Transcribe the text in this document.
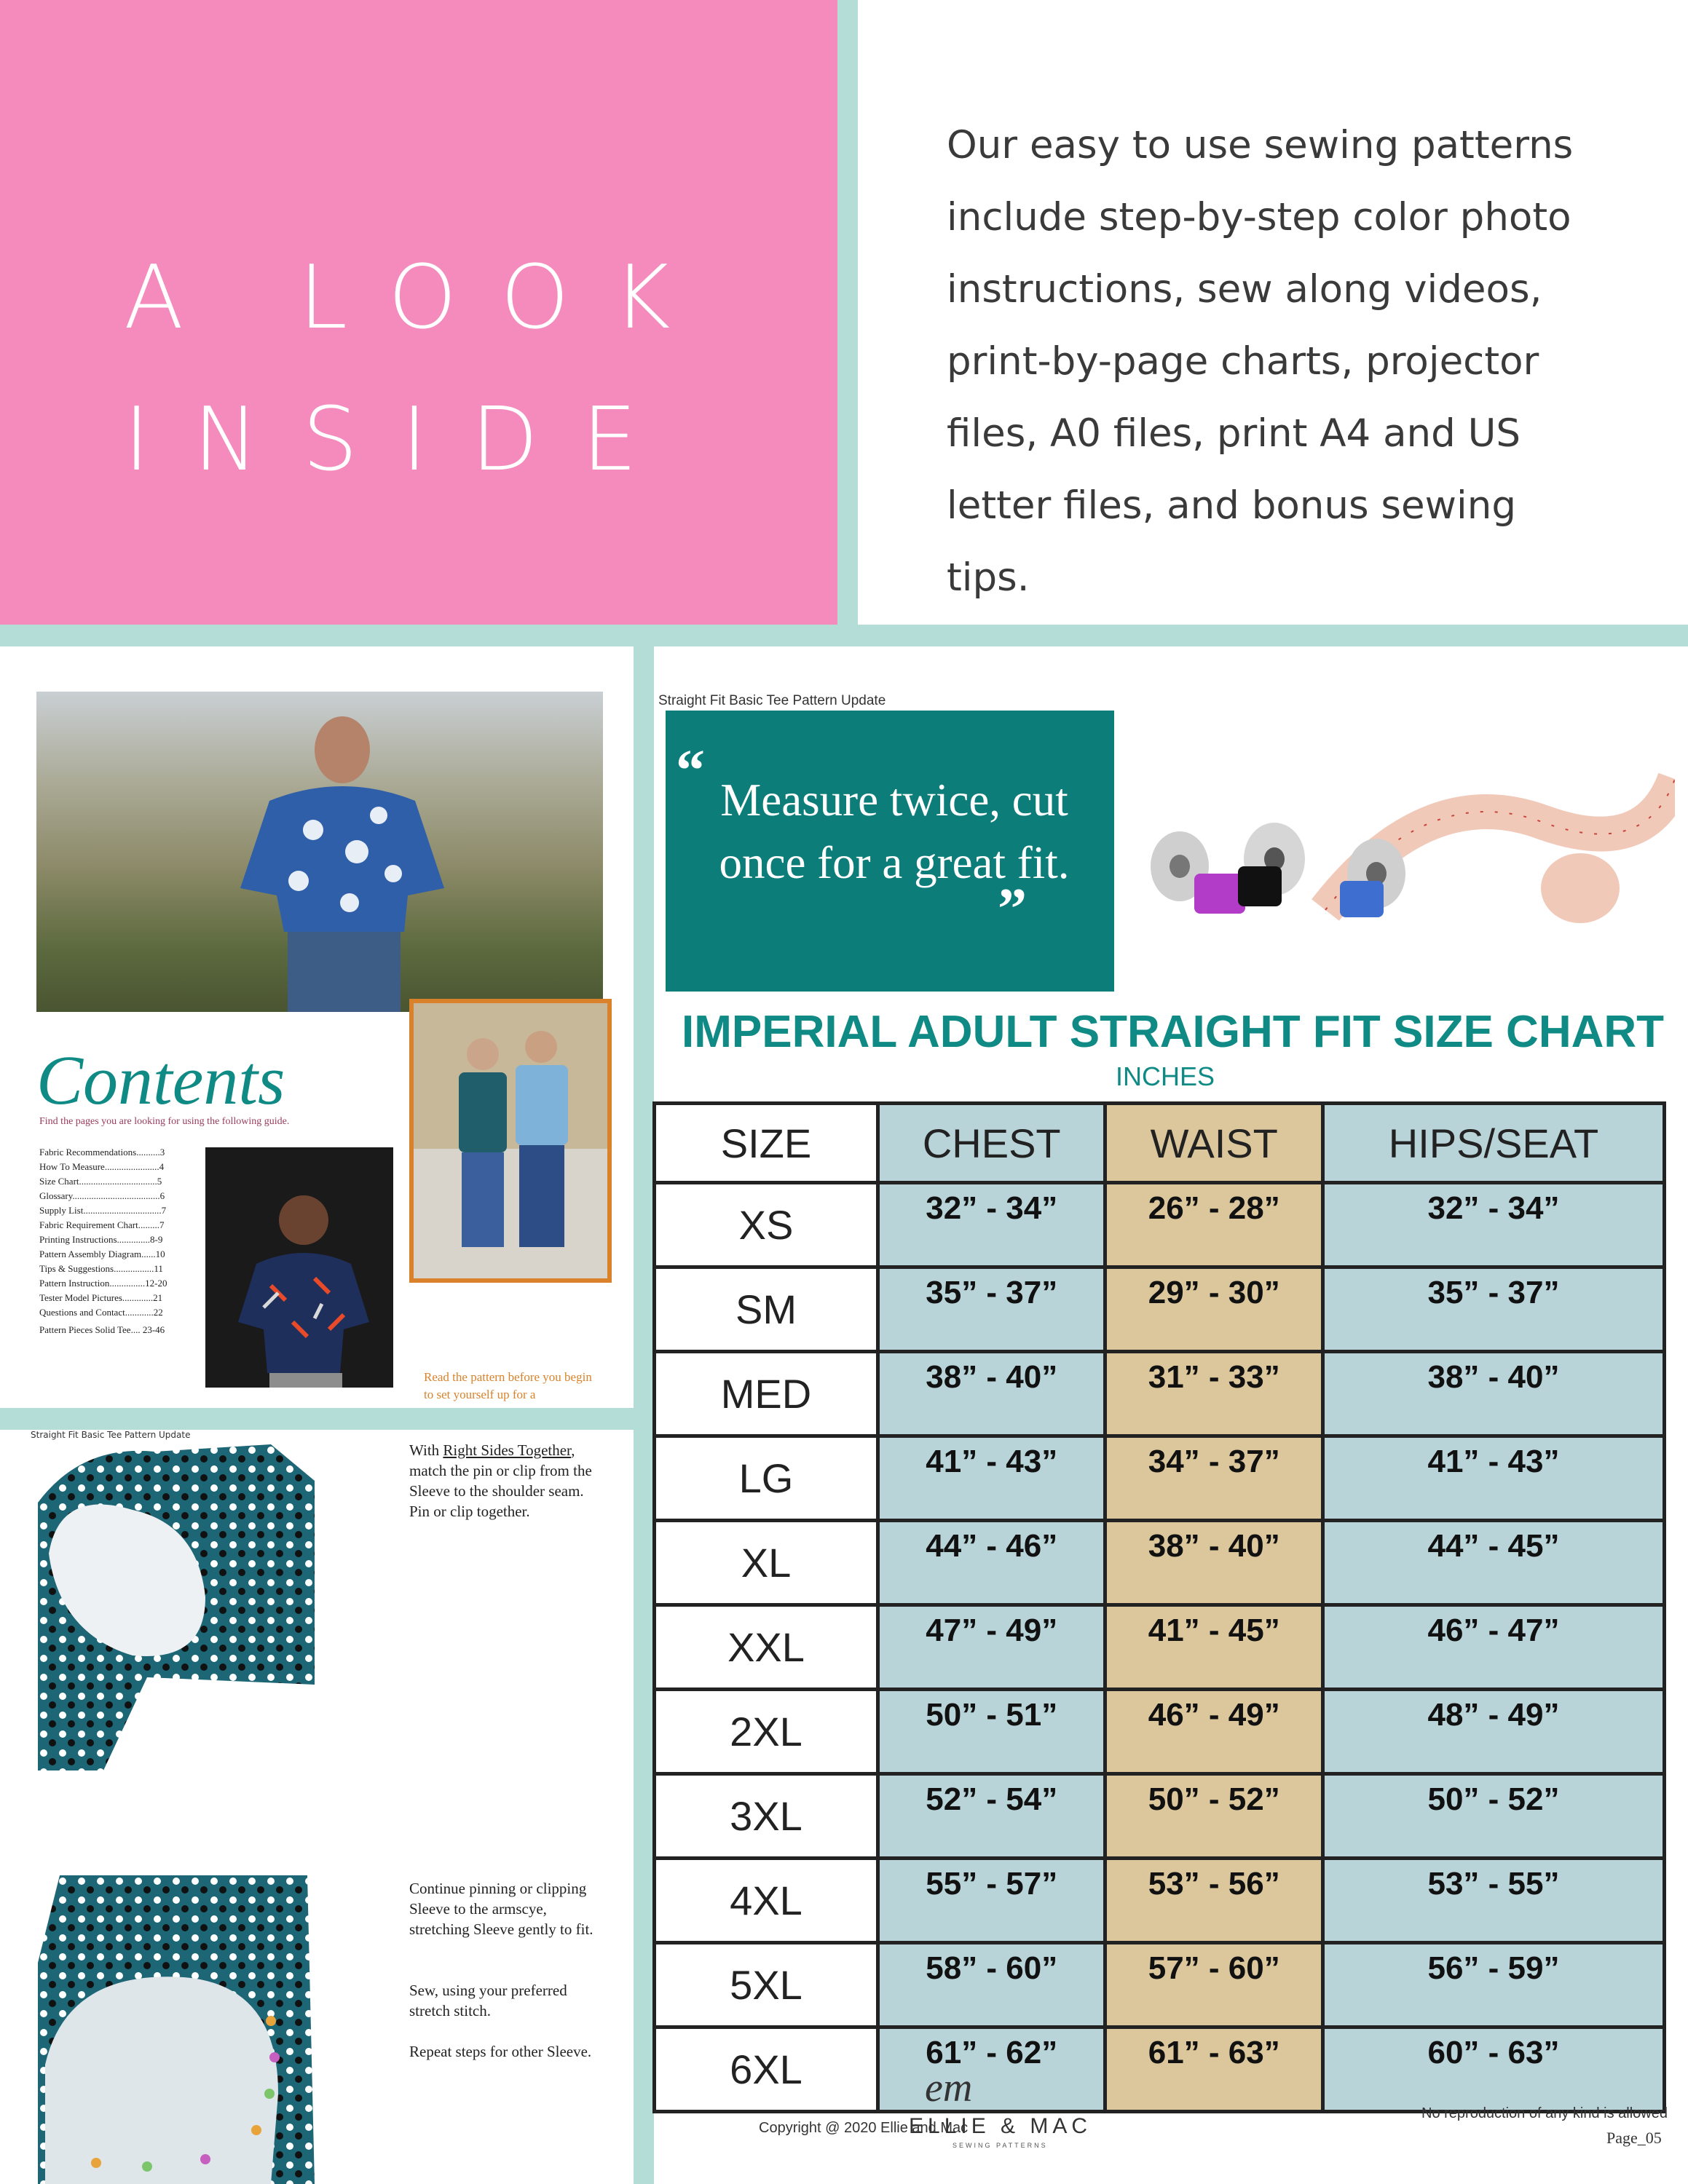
A LOOK
INSIDE
Our easy to use sewing patterns include step-by-step color photo instructions, sew along videos, print-by-page charts, projector files, A0 files, print A4 and US letter files, and bonus sewing tips.
Contents
Find the pages you are looking for using the following guide.
Fabric Recommendations..........3
How To Measure.......................4
Size Chart.................................5
Glossary.....................................6
Supply List.................................7
Fabric Requirement Chart.........7
Printing Instructions..............8-9
Pattern Assembly Diagram......10
Tips & Suggestions.................11
Pattern Instruction...............12-20
Tester Model Pictures.............21
Questions and Contact............22
Pattern Pieces Solid Tee.... 23-46
Read the pattern before you begin to set yourself up for a
Straight Fit Basic Tee Pattern Update
With Right Sides Together, match the pin or clip from the Sleeve to the shoulder seam. Pin or clip together.
Continue pinning or clipping Sleeve to the armscye, stretching Sleeve gently to fit.
Sew, using your preferred stretch stitch.
Repeat steps for other Sleeve.
Straight Fit Basic Tee Pattern Update
“ Measure twice, cut once for a great fit.
”
IMPERIAL ADULT STRAIGHT FIT SIZE CHART
INCHES
SIZE	CHEST	WAIST	HIPS/SEAT
XS	32” - 34”	26” - 28”	32” - 34”
SM	35” - 37”	29” - 30”	35” - 37”
MED	38” - 40”	31” - 33”	38” - 40”
LG	41” - 43”	34” - 37”	41” - 43”
XL	44” - 46”	38” - 40”	44” - 45”
XXL	47” - 49”	41” - 45”	46” - 47”
2XL	50” - 51”	46” - 49”	48” - 49”
3XL	52” - 54”	50” - 52”	50” - 52”
4XL	55” - 57”	53” - 56”	53” - 55”
5XL	58” - 60”	57” - 60”	56” - 59”
6XL	61” - 62”	61” - 63”	60” - 63”
Copyright @ 2020 Ellie and Mac
em
ELLIE & MAC
SEWING PATTERNS
No reproduction of any kind is allowed
Page_05
